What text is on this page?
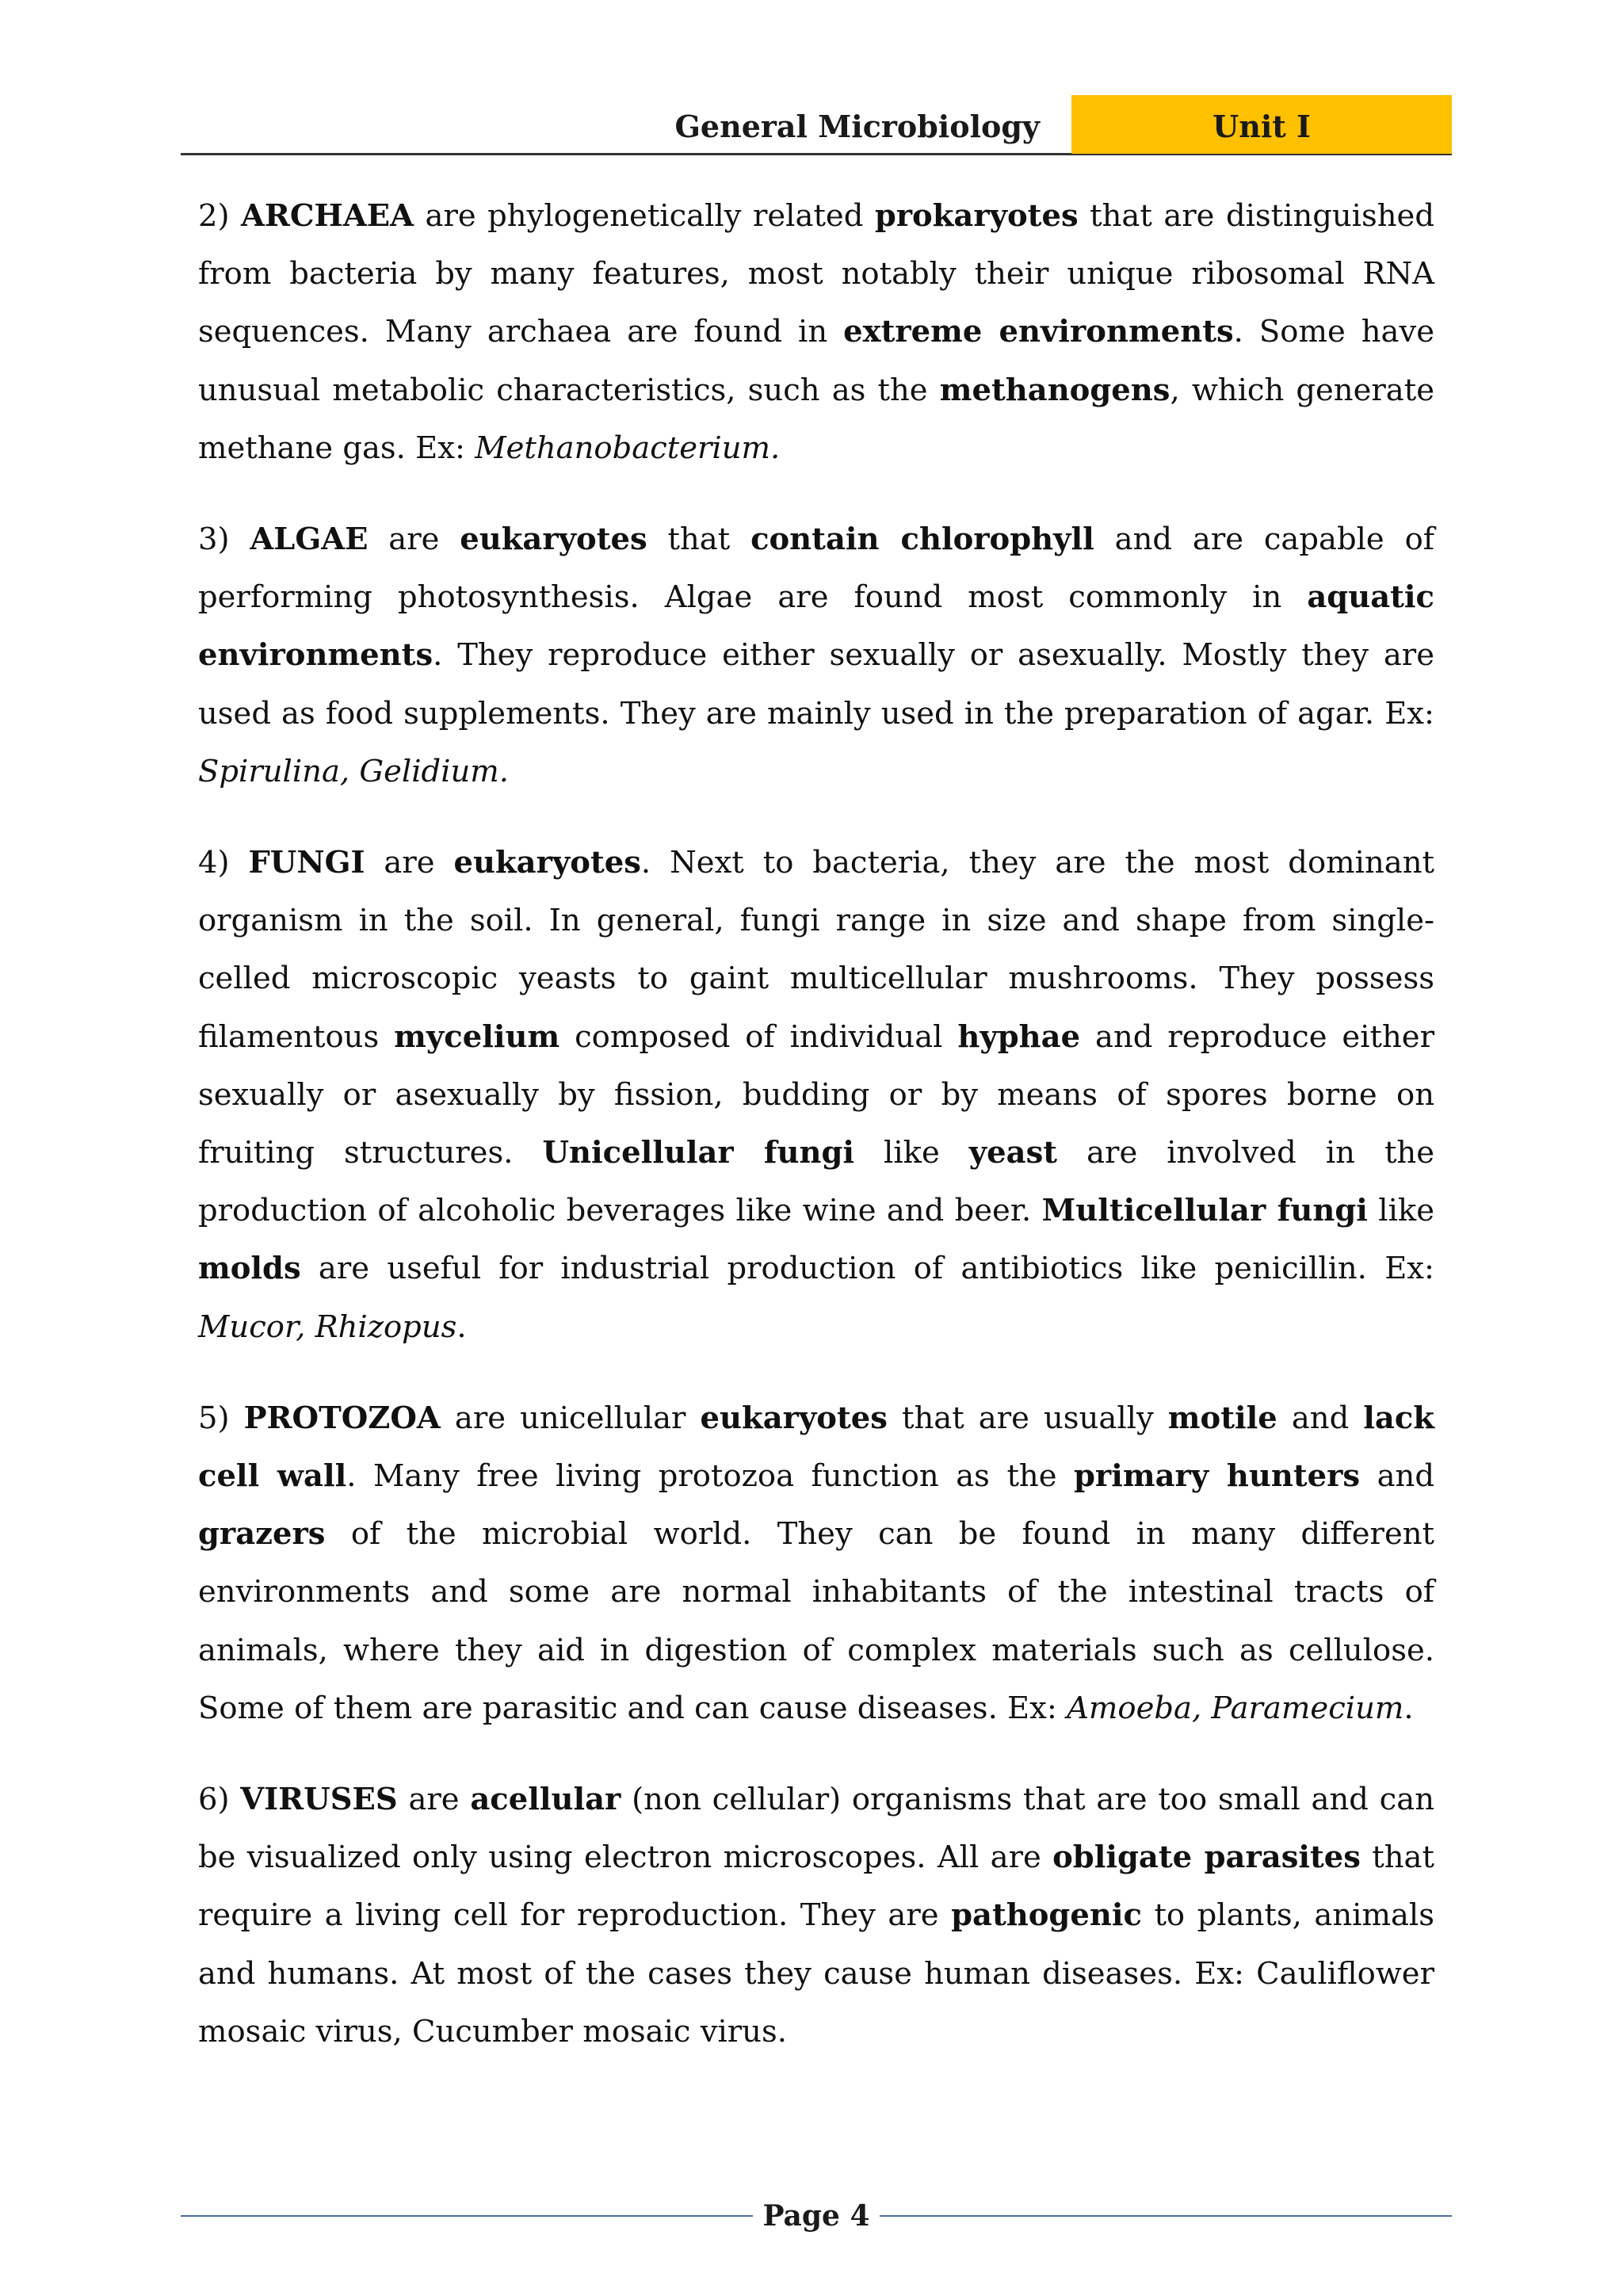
General Microbiology	Unit I

2) ARCHAEA are phylogenetically related prokaryotes that are distinguished from bacteria by many features, most notably their unique ribosomal RNA sequences. Many archaea are found in extreme environments. Some have unusual metabolic characteristics, such as the methanogens, which generate methane gas. Ex: Methanobacterium.

3) ALGAE are eukaryotes that contain chlorophyll and are capable of performing photosynthesis. Algae are found most commonly in aquatic environments. They reproduce either sexually or asexually. Mostly they are used as food supplements. They are mainly used in the preparation of agar. Ex: Spirulina, Gelidium.

4) FUNGI are eukaryotes. Next to bacteria, they are the most dominant organism in the soil. In general, fungi range in size and shape from single-celled microscopic yeasts to gaint multicellular mushrooms. They possess filamentous mycelium composed of individual hyphae and reproduce either sexually or asexually by fission, budding or by means of spores borne on fruiting structures. Unicellular fungi like yeast are involved in the production of alcoholic beverages like wine and beer. Multicellular fungi like molds are useful for industrial production of antibiotics like penicillin. Ex: Mucor, Rhizopus.

5) PROTOZOA are unicellular eukaryotes that are usually motile and lack cell wall. Many free living protozoa function as the primary hunters and grazers of the microbial world. They can be found in many different environments and some are normal inhabitants of the intestinal tracts of animals, where they aid in digestion of complex materials such as cellulose. Some of them are parasitic and can cause diseases. Ex: Amoeba, Paramecium.

6) VIRUSES are acellular (non cellular) organisms that are too small and can be visualized only using electron microscopes. All are obligate parasites that require a living cell for reproduction. They are pathogenic to plants, animals and humans. At most of the cases they cause human diseases. Ex: Cauliflower mosaic virus, Cucumber mosaic virus.

Page 4
